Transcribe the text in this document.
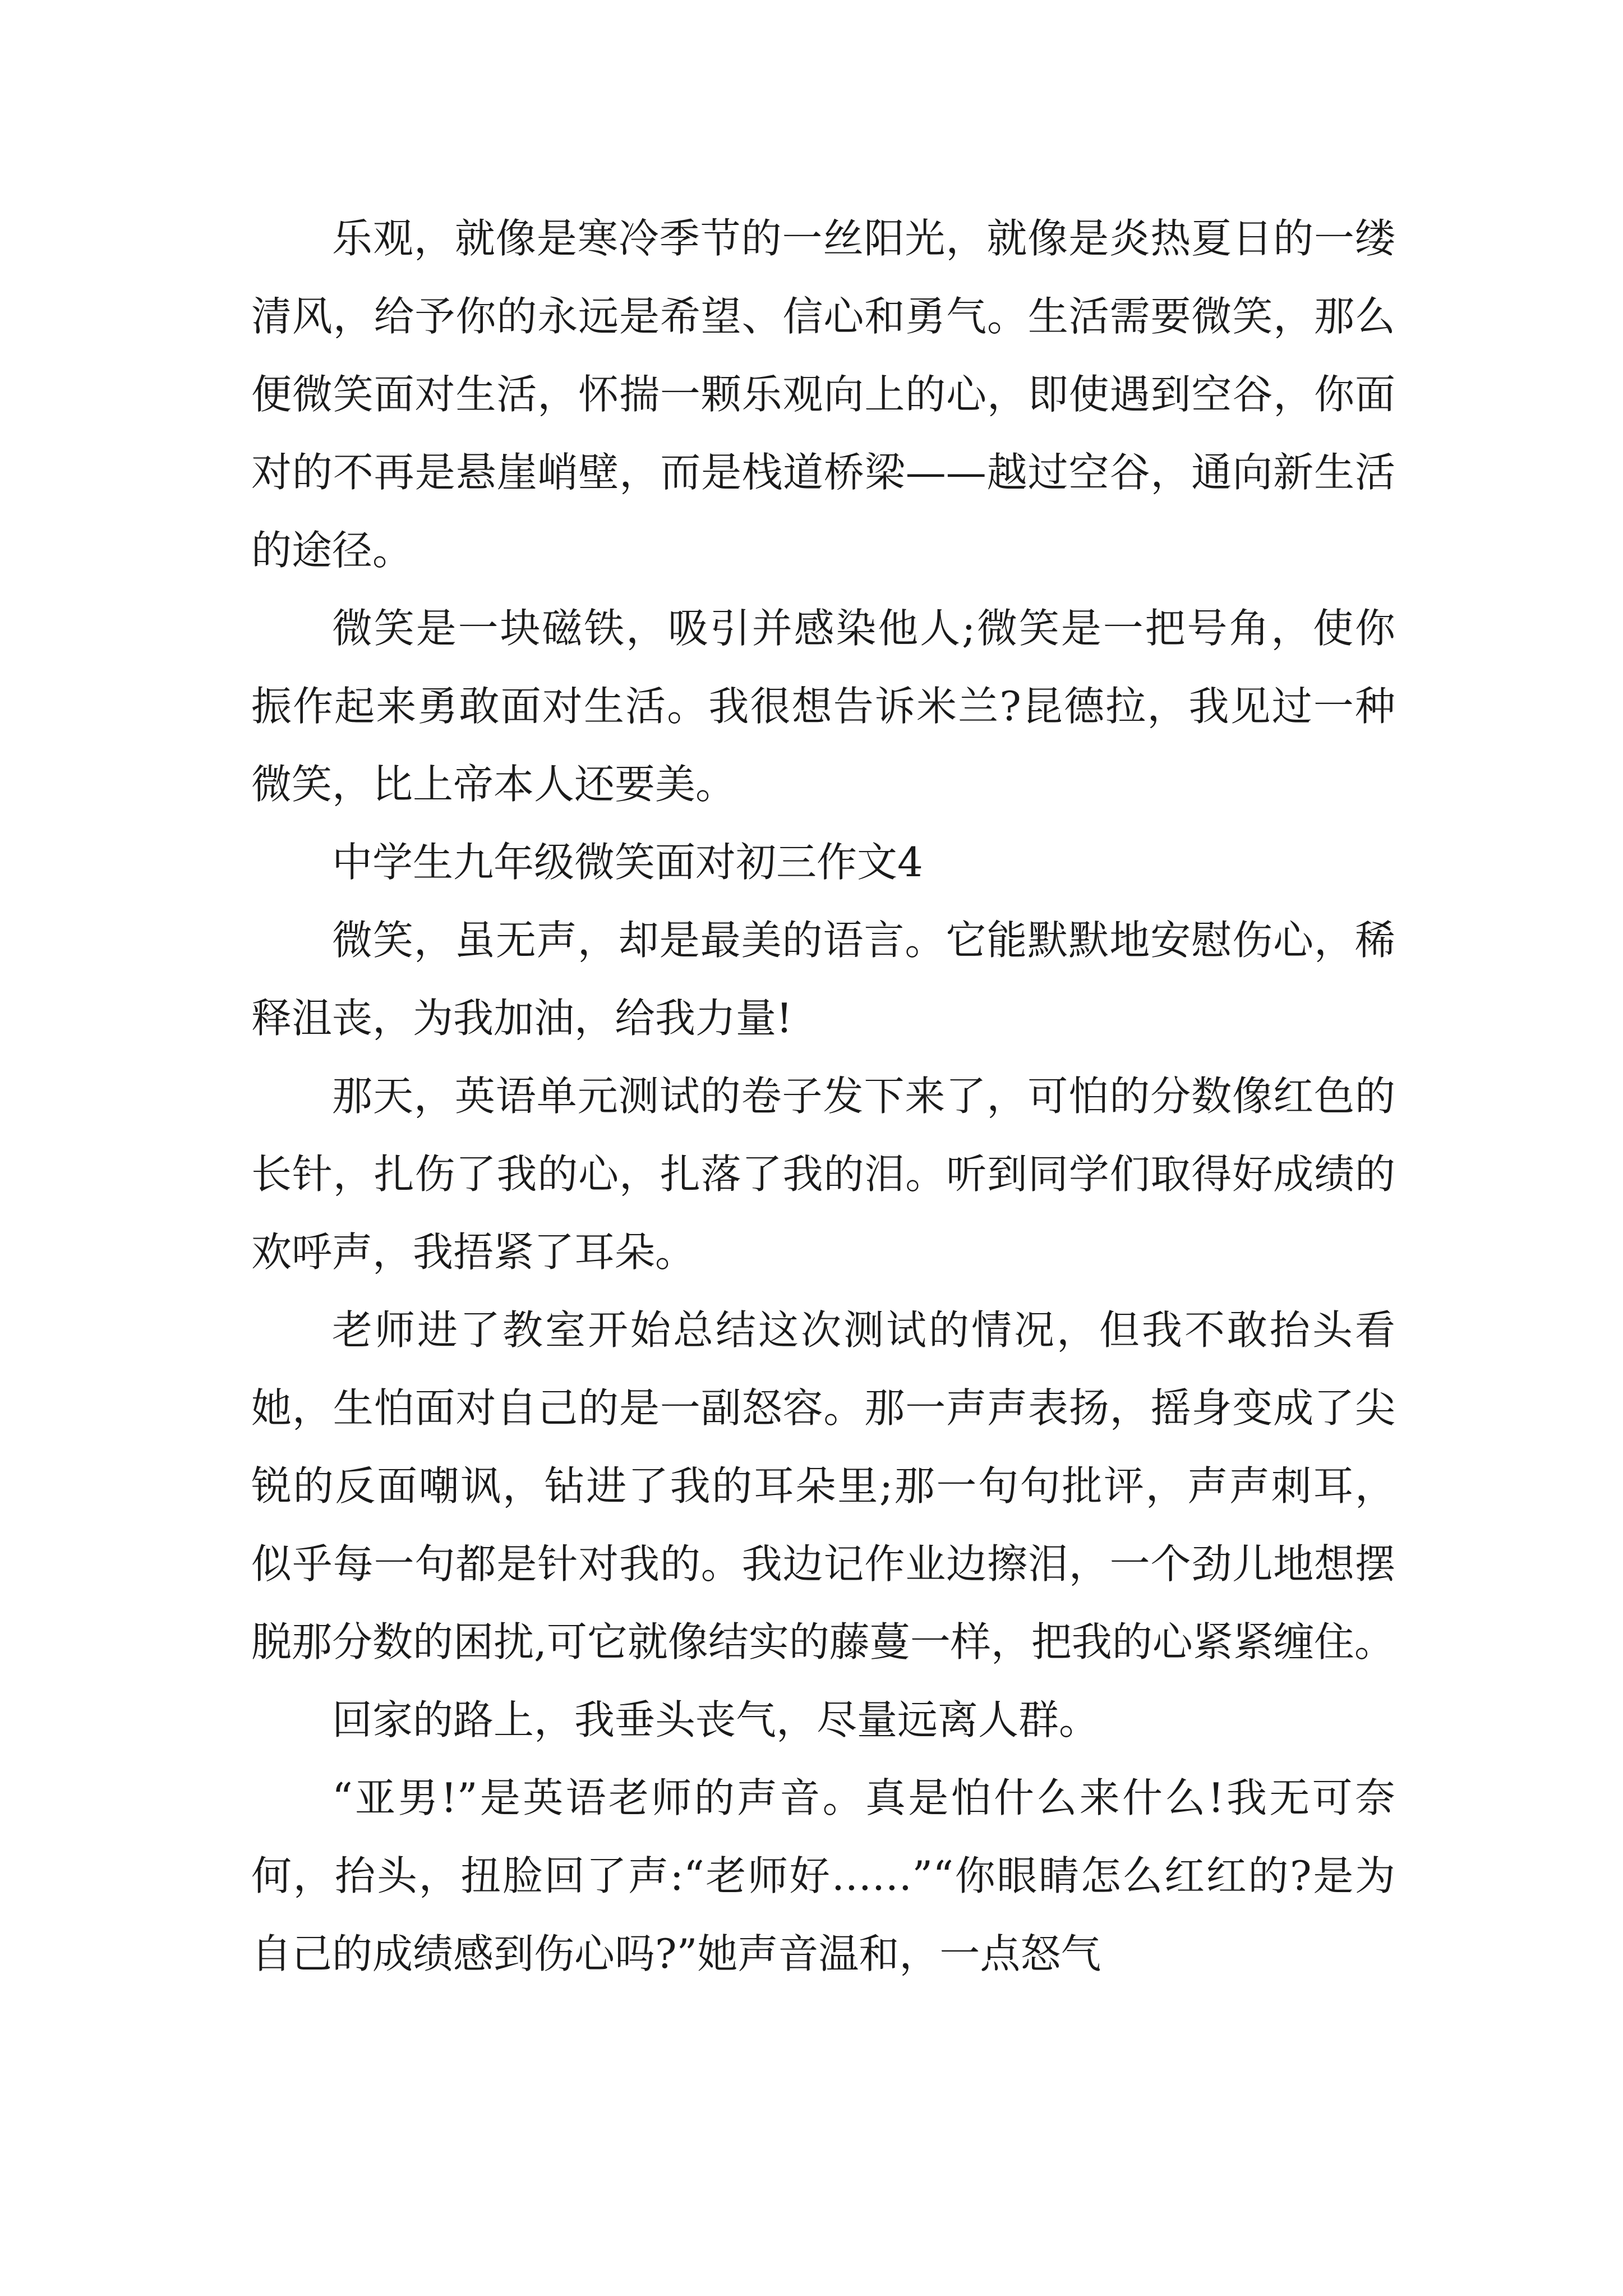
乐观，就像是寒冷季节的一丝阳光，就像是炎热夏日的一缕清风，给予你的永远是希望、信心和勇气。生活需要微笑，那么便微笑面对生活，怀揣一颗乐观向上的心，即使遇到空谷，你面对的不再是悬崖峭壁，而是栈道桥梁——越过空谷，通向新生活的途径。

微笑是一块磁铁，吸引并感染他人;微笑是一把号角，使你振作起来勇敢面对生活。我很想告诉米兰?昆德拉，我见过一种微笑，比上帝本人还要美。

中学生九年级微笑面对初三作文4

微笑，虽无声，却是最美的语言。它能默默地安慰伤心，稀释沮丧，为我加油，给我力量!

那天，英语单元测试的卷子发下来了，可怕的分数像红色的长针，扎伤了我的心，扎落了我的泪。听到同学们取得好成绩的欢呼声，我捂紧了耳朵。

老师进了教室开始总结这次测试的情况，但我不敢抬头看她，生怕面对自己的是一副怒容。那一声声表扬，摇身变成了尖锐的反面嘲讽，钻进了我的耳朵里;那一句句批评，声声刺耳，似乎每一句都是针对我的。我边记作业边擦泪，一个劲儿地想摆脱那分数的困扰,可它就像结实的藤蔓一样，把我的心紧紧缠住。

回家的路上，我垂头丧气，尽量远离人群。

“亚男!”是英语老师的声音。真是怕什么来什么!我无可奈何，抬头，扭脸回了声:“老师好……”“你眼睛怎么红红的?是为自己的成绩感到伤心吗?”她声音温和，一点怒气
